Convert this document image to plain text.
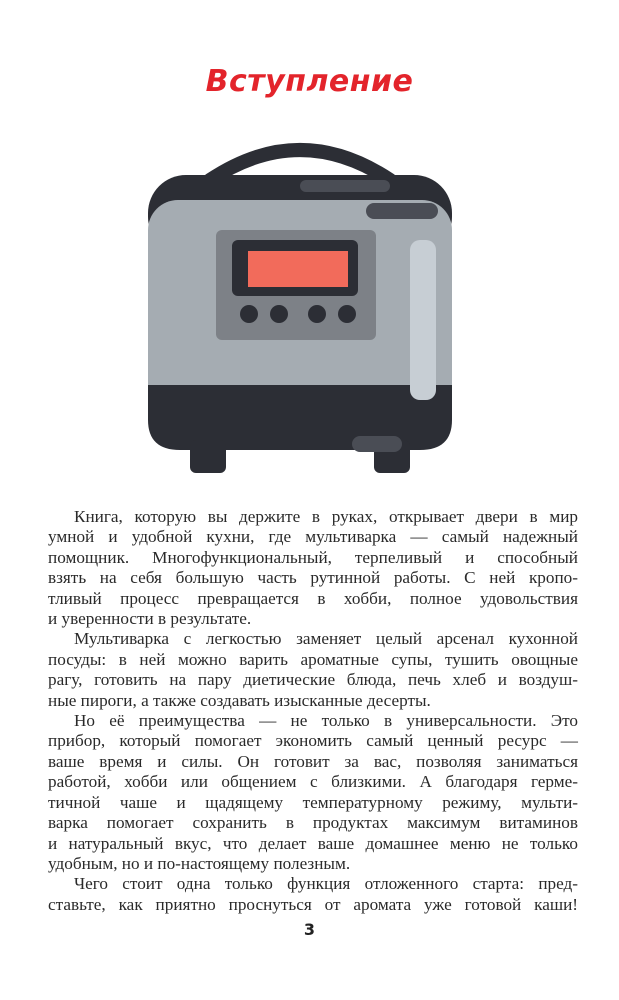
Вступление
Книга, которую вы держите в руках, открывает двери в мир
умной и удобной кухни, где мультиварка — самый надежный
помощник. Многофункциональный, терпеливый и способный
взять на себя большую часть рутинной работы. С ней кропо-
тливый процесс превращается в хобби, полное удовольствия
и уверенности в результате.
Мультиварка с легкостью заменяет целый арсенал кухонной
посуды: в ней можно варить ароматные супы, тушить овощные
рагу, готовить на пару диетические блюда, печь хлеб и воздуш-
ные пироги, а также создавать изысканные десерты.
Но её преимущества — не только в универсальности. Это
прибор, который помогает экономить самый ценный ресурс —
ваше время и силы. Он готовит за вас, позволяя заниматься
работой, хобби или общением с близкими. А благодаря герме-
тичной чаше и щадящему температурному режиму, мульти-
варка помогает сохранить в продуктах максимум витаминов
и натуральный вкус, что делает ваше домашнее меню не только
удобным, но и по-настоящему полезным.
Чего стоит одна только функция отложенного старта: пред-
ставьте, как приятно проснуться от аромата уже готовой каши!
3
